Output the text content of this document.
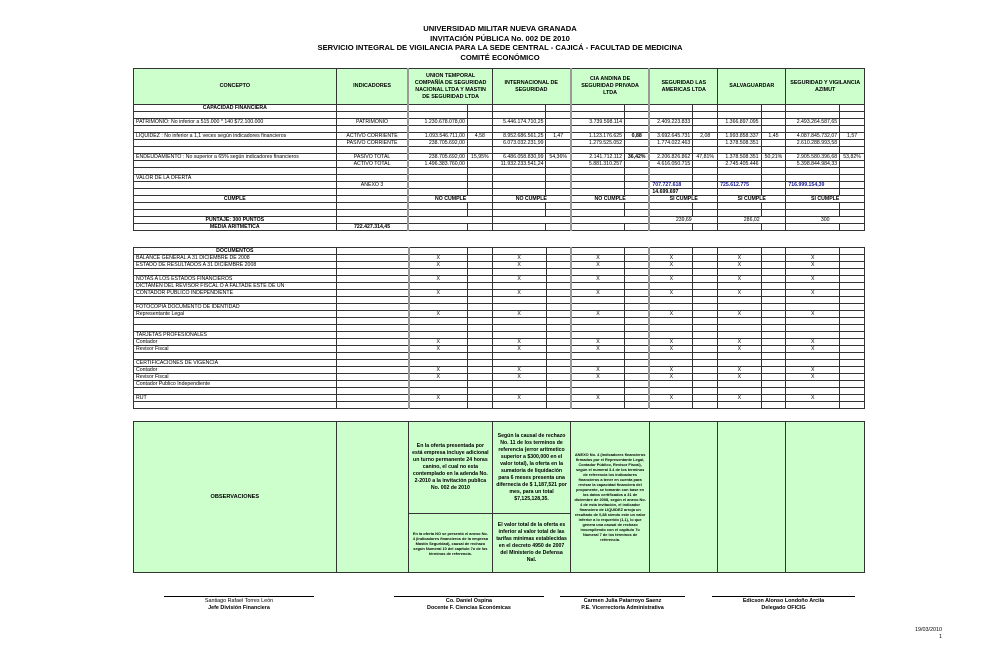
UNIVERSIDAD MILITAR NUEVA GRANADA
INVITACIÓN PÚBLICA No. 002 DE 2010
SERVICIO INTEGRAL DE VIGILANCIA PARA LA SEDE CENTRAL - CAJICÁ - FACULTAD DE MEDICINA
COMITÉ ECONÓMICO
CONCEPTO	INDICADORES	UNION TEMPORAL COMPAÑÍA DE SEGURIDAD NACIONAL LTDA Y MASTIN DE SEGURIDAD LTDA		INTERNACIONAL DE SEGURIDAD		CIA ANDINA DE SEGURIDAD PRIVADA LTDA		SEGURIDAD LAS AMERICAS LTDA		SALVAGUARDAR		SEGURIDAD Y VIGILANCIA AZIMUT	
CAPACIDAD FINANCIERA													

PATRIMONIO: No inferior a 515.000 * 140 $72.100.000	PATRIMONIO	1.230.678.078,00		5.446.174.710,25		3.739.598.114		2.409.223.833		1.366.897.095		2.493.264.587,65	

LIQUIDEZ : No inferior a 1,1 veces según indicadores financieros	ACTIVO CORRIENTE	1.093.546.711,00	4,58	8.952.686.561,25	1,47	1.123.176.625	0,88	3.692.645.731	2,08	1.993.858.337	1,45	4.087.845.732,07	1,57
	PASIVO CORRIENTE	238.705.692,00		6.073.032.231,99		1.279.525.052		1.774.022.463		1.378.508.351		2.610.288.993,58	

ENDEUDAMIENTO : No superior a 65% según indicadores financieros	PASIVO TOTAL	238.705.692,00	15,95%	6.486.058.830,99	54,36%	2.141.712.112	36,42%	2.206.826.862	47,81%	1.378.508.351	50,21%	2.905.580.396,68	53,82%
	ACTIVO TOTAL	1.496.383.760,00		11.932.233.541,24		5.881.310.257		4.616.050.715		2.745.405.446		5.398.844.984,33	

VALOR DE LA OFERTA													
	ANEXO 3							707.727.618		725.612.775		716.999.154,39	
								14.699.697					
CUMPLE		NO CUMPLE		NO CUMPLE		NO CUMPLE		SI CUMPLE		SI CUMPLE		SI CUMPLE	

PUNTAJE: 300 PUNTOS								239,69		286,02		300	
MEDIA ARITMETICA	722.427.314,45												
DOCUMENTOS													
BALANCE GENERAL A 31 DICIEMBRE DE 2008		X		X		X		X		X		X	
ESTADO DE RESULTADOS A 31 DICIEMBRE 2008		X		X		X		X		X		X	

NOTAS A LOS ESTADOS FINANCIEROS		X		X		X		X		X		X	
DICTAMEN DEL REVISOR FISCAL O A FALTADE ESTE DE UN													
CONTADOR PUBLICO INDEPENDIENTE		X		X		X		X		X		X	

FOTOCOPIA DOCUMENTO DE IDENTIDAD													
Representante Legal		X		X		X		X		X		X	

TARJETAS PROFESIONALES													
Contador		X		X		X		X		X		X	
Revisor Fiscal		X		X		X		X		X		X	

CERTIFICACIONES DE VIGENCIA													
Contador		X		X		X		X		X		X	
Revisor Fiscal		X		X		X		X		X		X	
Contador Publico Independiente													

RUT		X		X		X		X		X		X	

OBSERVACIONES		En la oferta presentada por está empresa incluye adicional un turno permanente 24 horas canino, el cual no esta contemplado en la adenda No. 2-2010 a la invitación publica No. 002 de 2010	Según la causal de rechazo No. 11 de los terminos de referencia (error aritmetico superior a $300,000 en el valor total), la oferta en la sumatoria de liquidación para 6 meses presenta una difernecia de $ 1,187,521 por mes, para un total $7,125,128,35.	ANEXO No. 4 (Indicadores financieros firmados por el Representante Legal, Contador Público, Revisor Fiscal), según el numeral 3.4 de los terminos de referencia los indicadores financieros a tener en cuenta para revisar la capacidad financiera del proponente, se tomarán con base en los datos certificados a 31 de diciembre de 2008, según el anexo No. 4 de esta invitación, el indicador financiero de LIQUIDEZ arroja un resultado de 0,88 siendo este un valor inferior a lo requerido (1,1), lo que genera una causal de rechazo incumpliendo con el capitulo 7o Numeral 7 de los términos de referencia.			
		En la oferta NO se presentó el anexo No. 4 (indicadores financieros de la empresa Mastín Seguridad), causal de rechazo según Numeral 10 del capítulo 7o de los términos de referencia.	El valor total de la oferta es inferior al valor total de las tarifas mínimas establecidas en el decreto 4950 de 2007 del Ministerio de Defensa Nal.				
Santiago Rafael Torres León
Jefe División Financiera
Co. Daniel Ospina
Docente F. Ciencias Económicas
Carmen Julia Patarroyo Saenz
P.E. Vicerrectoría Administrativa
Edicson Alonso Londoño Arcila
Delegado OFICIG
19/03/2010
1
